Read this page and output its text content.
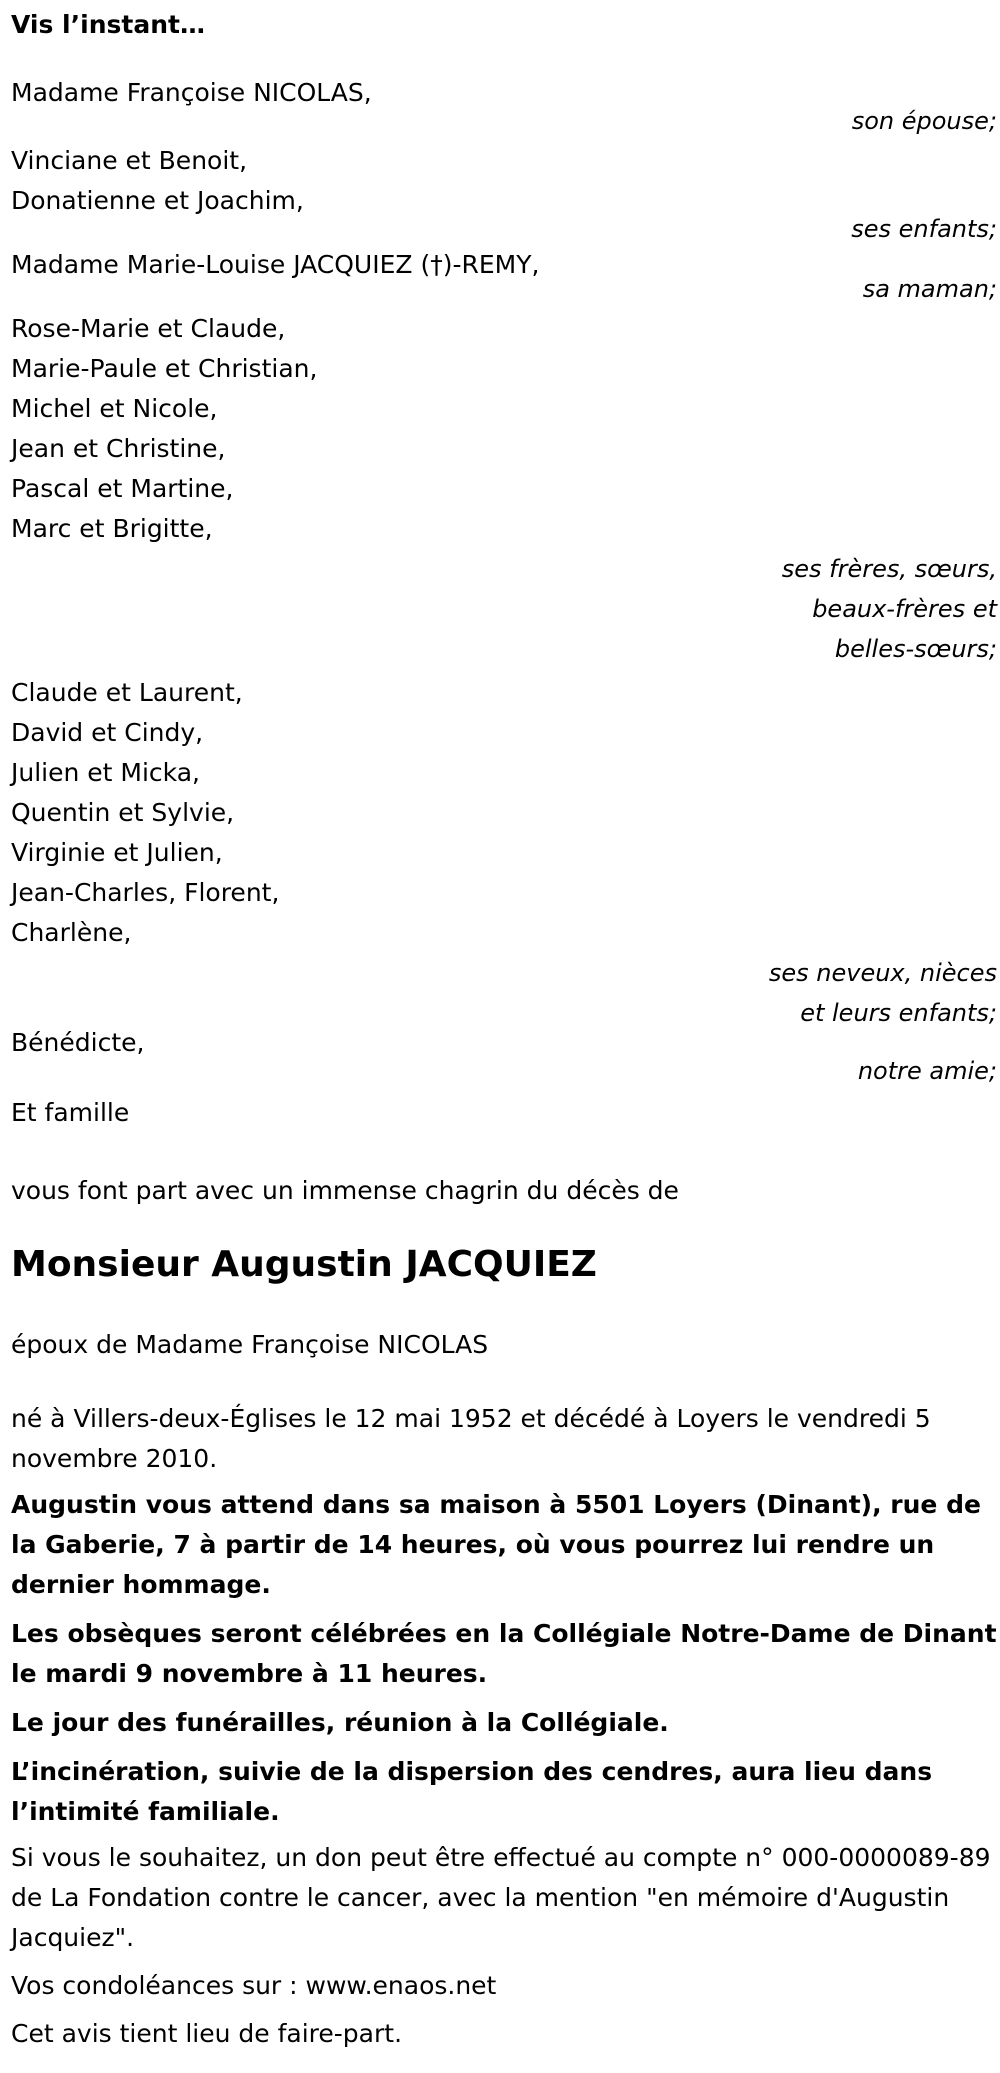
Vis l’instant…
Madame Françoise NICOLAS,
son épouse;
Vinciane et Benoit,
Donatienne et Joachim,
ses enfants;
Madame Marie-Louise JACQUIEZ (†)-REMY,
sa maman;
Rose-Marie et Claude,
Marie-Paule et Christian,
Michel et Nicole,
Jean et Christine,
Pascal et Martine,
Marc et Brigitte,
ses frères, sœurs,
beaux-frères et
belles-sœurs;
Claude et Laurent,
David et Cindy,
Julien et Micka,
Quentin et Sylvie,
Virginie et Julien,
Jean-Charles, Florent,
Charlène,
ses neveux, nièces
et leurs enfants;
Bénédicte,
notre amie;
Et famille
vous font part avec un immense chagrin du décès de
Monsieur Augustin JACQUIEZ
époux de Madame Françoise NICOLAS
né à Villers-deux-Églises le 12 mai 1952 et décédé à Loyers le vendredi 5 novembre 2010.
Augustin vous attend dans sa maison à 5501 Loyers (Dinant), rue de la Gaberie, 7 à partir de 14 heures, où vous pourrez lui rendre un dernier hommage.
Les obsèques seront célébrées en la Collégiale Notre-Dame de Dinant le mardi 9 novembre à 11 heures.
Le jour des funérailles, réunion à la Collégiale.
L’incinération, suivie de la dispersion des cendres, aura lieu dans l’intimité familiale.
Si vous le souhaitez, un don peut être effectué au compte n° 000-0000089-89 de La Fondation contre le cancer, avec la mention "en mémoire d'Augustin Jacquiez".
Vos condoléances sur : www.enaos.net
Cet avis tient lieu de faire-part.
